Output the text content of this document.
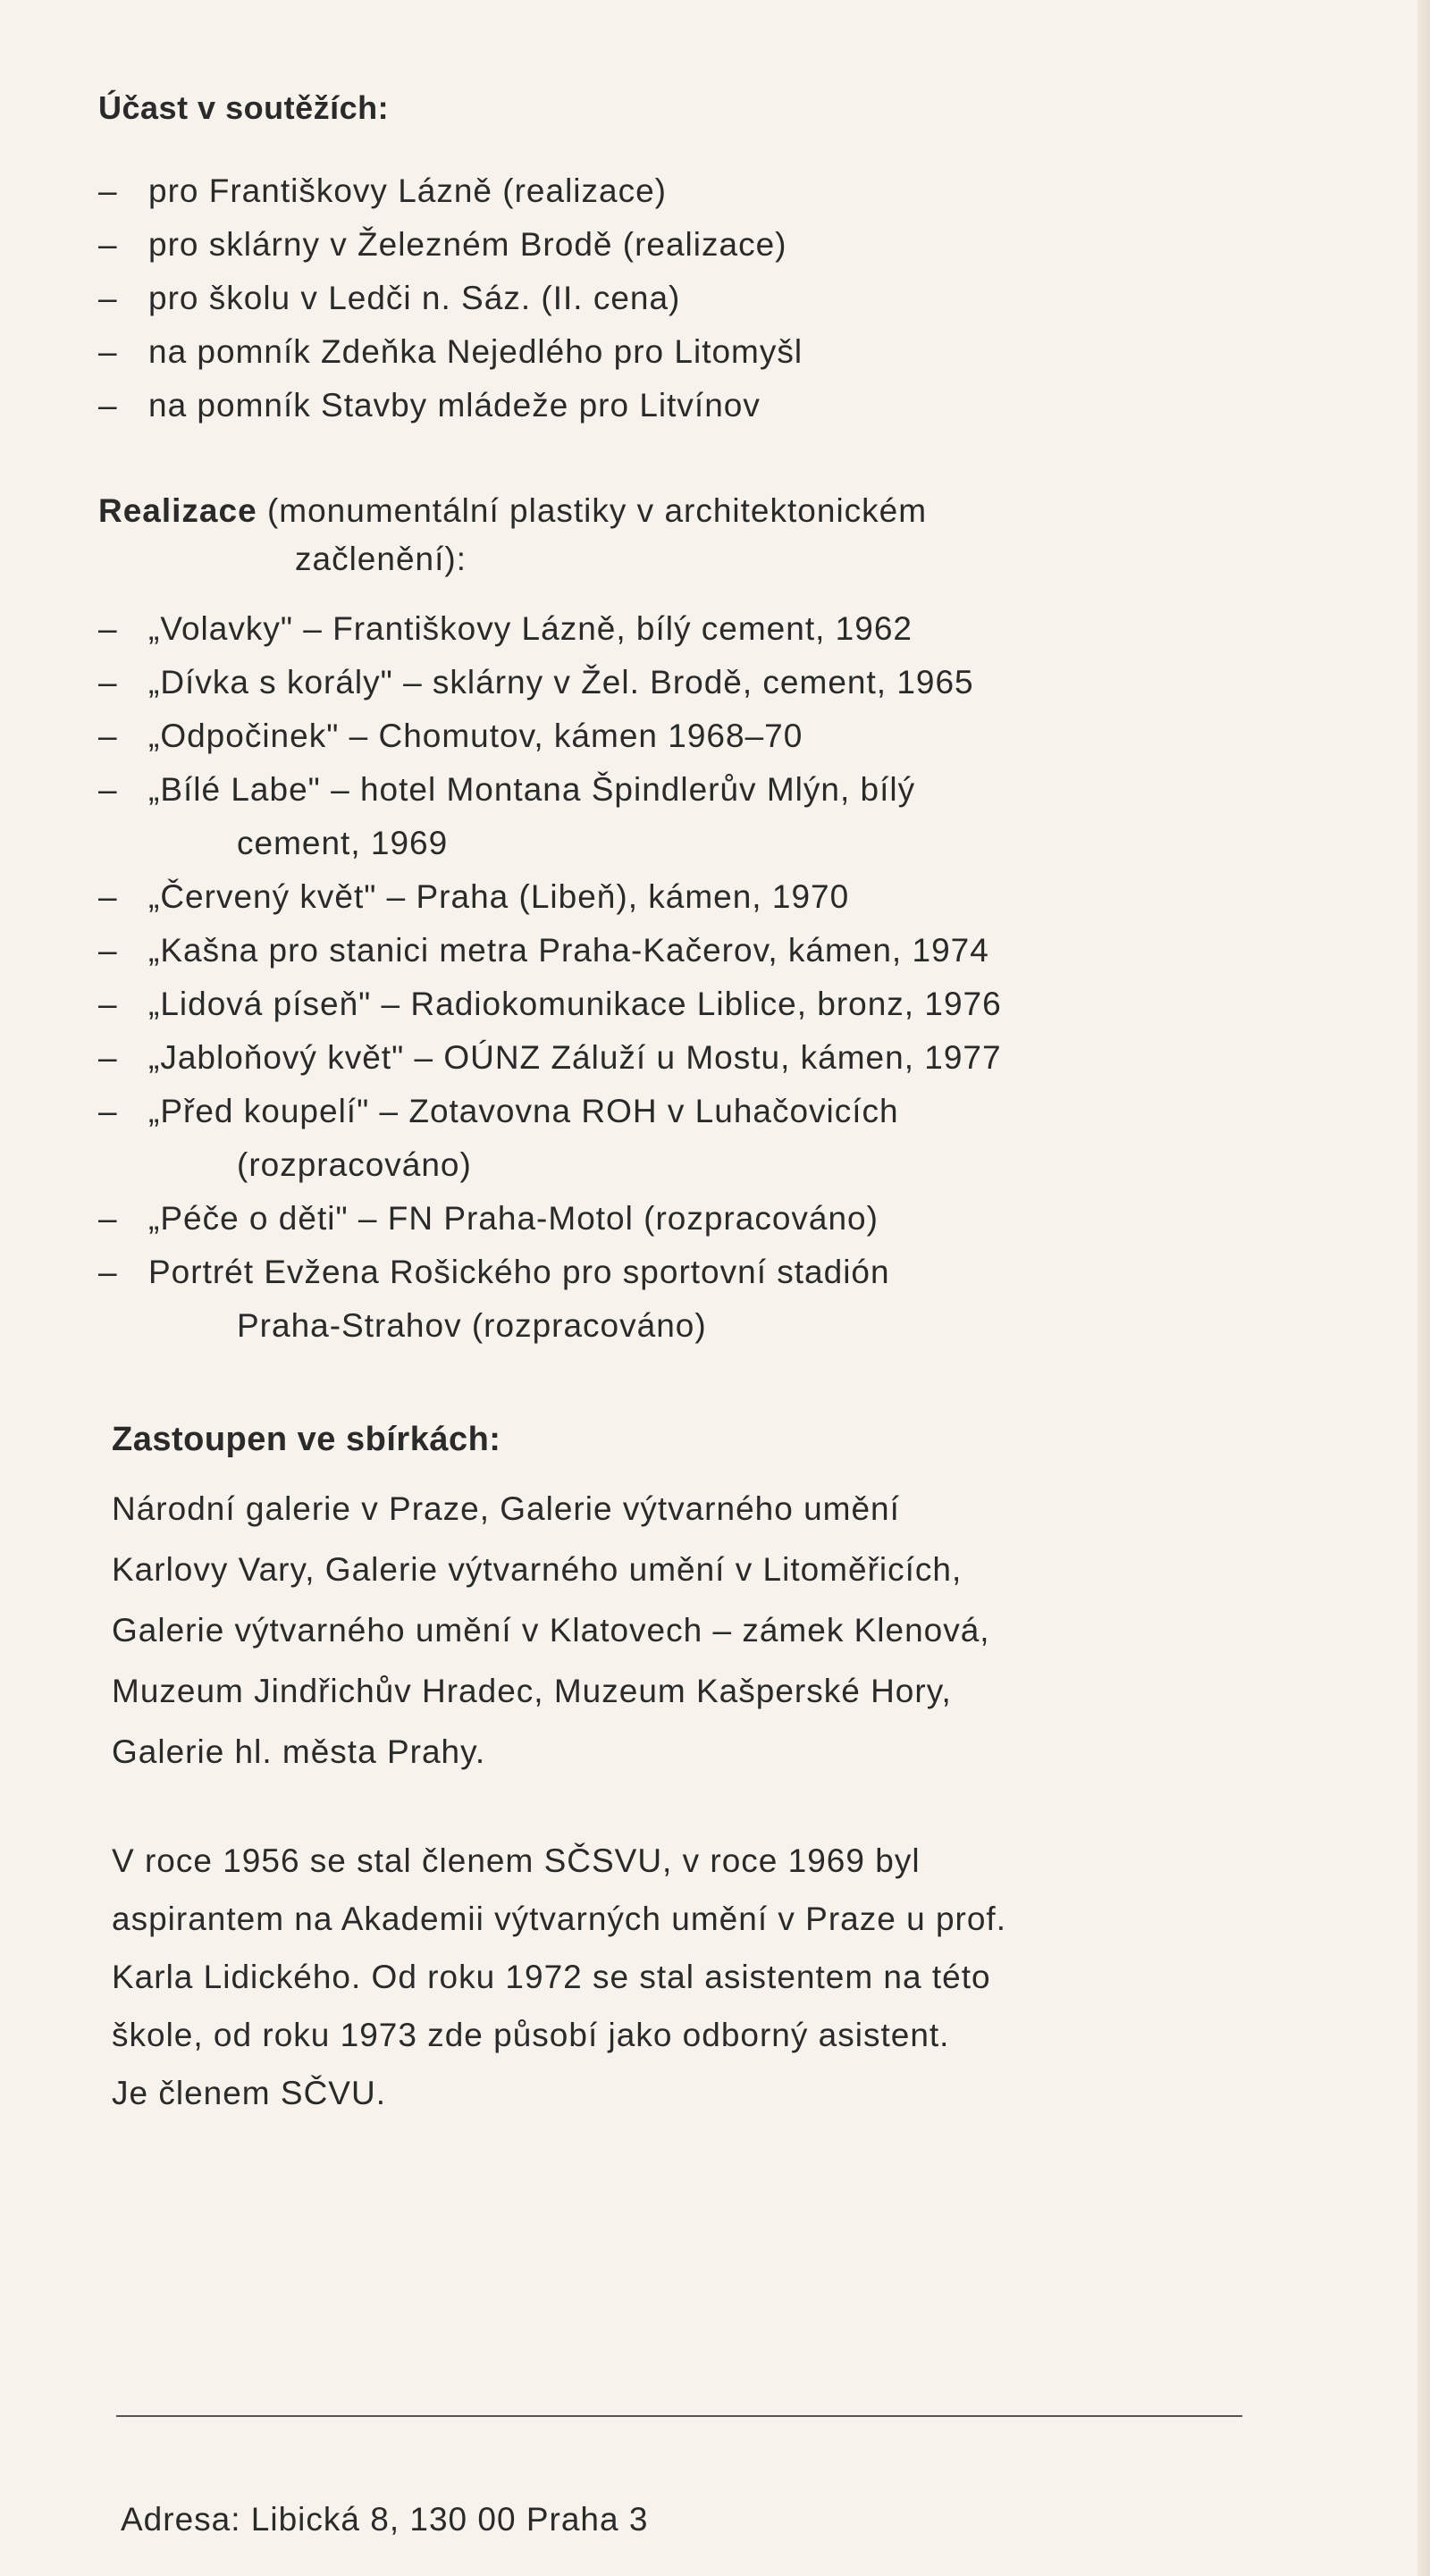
Účast v soutěžích:

– pro Františkovy Lázně (realizace)

– pro sklárny v Železném Brodě (realizace)

– pro školu v Ledči n. Sáz. (II. cena)

– na pomník Zdeňka Nejedlého pro Litomyšl

– na pomník Stavby mládeže pro Litvínov

Realizace (monumentální plastiky v architektonickém

začlenění):

– „Volavky" – Františkovy Lázně, bílý cement, 1962

– „Dívka s korály" – sklárny v Žel. Brodě, cement, 1965

– „Odpočinek" – Chomutov, kámen 1968–70

– „Bílé Labe" – hotel Montana Špindlerův Mlýn, bílý

cement, 1969

– „Červený květ" – Praha (Libeň), kámen, 1970

– „Kašna pro stanici metra Praha-Kačerov, kámen, 1974

– „Lidová píseň" – Radiokomunikace Liblice, bronz, 1976

– „Jabloňový květ" – OÚNZ Záluží u Mostu, kámen, 1977

– „Před koupelí" – Zotavovna ROH v Luhačovicích

(rozpracováno)

– „Péče o děti" – FN Praha-Motol (rozpracováno)

– Portrét Evžena Rošického pro sportovní stadión

Praha-Strahov (rozpracováno)

Zastoupen ve sbírkách:

Národní galerie v Praze, Galerie výtvarného umění

Karlovy Vary, Galerie výtvarného umění v Litoměřicích,

Galerie výtvarného umění v Klatovech – zámek Klenová,

Muzeum Jindřichův Hradec, Muzeum Kašperské Hory,

Galerie hl. města Prahy.

V roce 1956 se stal členem SČSVU, v roce 1969 byl

aspirantem na Akademii výtvarných umění v Praze u prof.

Karla Lidického. Od roku 1972 se stal asistentem na této

škole, od roku 1973 zde působí jako odborný asistent.

Je členem SČVU.

Adresa: Libická 8, 130 00 Praha 3
